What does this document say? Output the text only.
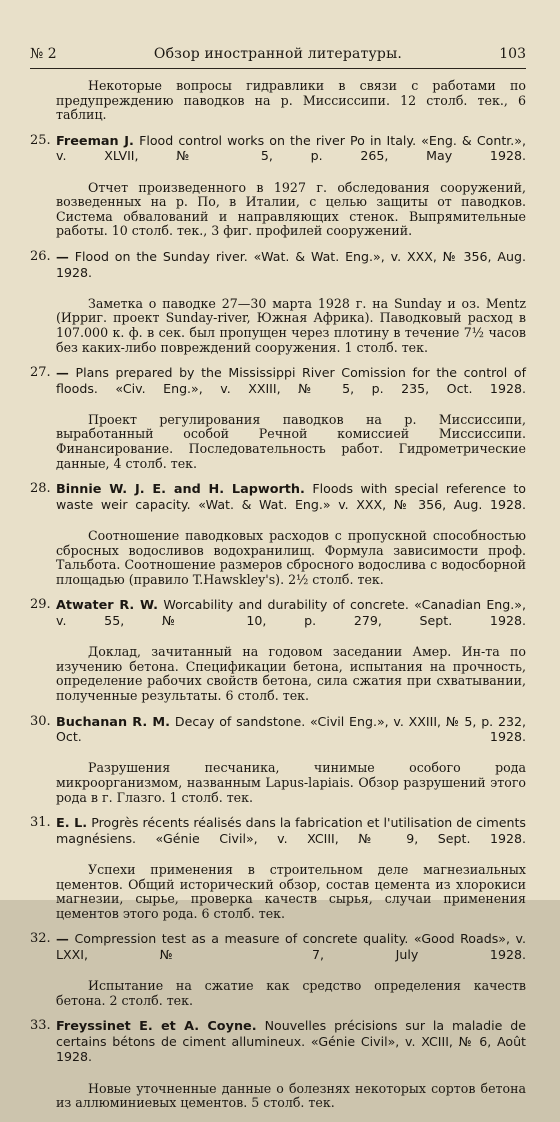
№ 2	Обзор иностранной литературы.	103
Некоторые вопросы гидравлики в связи с работами по предупреждению паводков на р. Миссиссипи. 12 столб. тек., 6 таблиц.
25. Freeman J. Flood control works on the river Po in Italy. «Eng. & Contr.», v. XLVII, № 5, p. 265, May 1928.
Отчет произведенного в 1927 г. обследования сооружений, возведенных на р. По, в Италии, с целью защиты от паводков. Система обвалований и направляющих стенок. Выпрямительные работы. 10 столб. тек., 3 фиг. профилей сооружений.
26. — Flood on the Sunday river. «Wat. & Wat. Eng.», v. XXX, № 356, Aug. 1928.
Заметка о паводке 27—30 марта 1928 г. на Sunday и оз. Mentz (Ирриг. проект Sunday-river, Южная Африка). Паводковый расход в 107.000 к. ф. в сек. был пропущен через плотину в течение 7½ часов без каких-либо повреждений сооружения. 1 столб. тек.
27. — Plans prepared by the Mississippi River Comission for the control of floods. «Civ. Eng.», v. XXIII, № 5, p. 235, Oct. 1928.
Проект регулирования паводков на р. Миссиссипи, выработанный особой Речной комиссией Миссиссипи. Финансирование. Последовательность работ. Гидрометрические данные, 4 столб. тек.
28. Binnie W. J. E. and H. Lapworth. Floods with special reference to waste weir capacity. «Wat. & Wat. Eng.» v. XXX, № 356, Aug. 1928.
Соотношение паводковых расходов с пропускной способностью сбросных водосливов водохранилищ. Формула зависимости проф. Тальбота. Соотношение размеров сбросного водослива с водосборной площадью (правило T.Hawskley's). 2½ столб. тек.
29. Atwater R. W. Worcability and durability of concrete. «Canadian Eng.», v. 55, № 10, p. 279, Sept. 1928.
Доклад, зачитанный на годовом заседании Амер. Ин-та по изучению бетона. Спецификации бетона, испытания на прочность, определение рабочих свойств бетона, сила сжатия при схватывании, полученные результаты. 6 столб. тек.
30. Buchanan R. M. Decay of sandstone. «Civil Eng.», v. XXIII, № 5, p. 232, Oct. 1928.
Разрушения песчаника, чинимые особого рода микроорганизмом, названным Lapus-lapiais. Обзор разрушений этого рода в г. Глазго. 1 столб. тек.
31. E. L. Progrès récents réalisés dans la fabrication et l'utilisation de ciments magnésiens. «Génie Civil», v. XCIII, № 9, Sept. 1928.
Успехи применения в строительном деле магнезиальных цементов. Общий исторический обзор, состав цемента из хлорокиси магнезии, сырье, проверка качеств сырья, случаи применения цементов этого рода. 6 столб. тек.
32. — Compression test as a measure of concrete quality. «Good Roads», v. LXXI, № 7, July 1928.
Испытание на сжатие как средство определения качеств бетона. 2 столб. тек.
33. Freyssinet E. et A. Coyne. Nouvelles précisions sur la maladie de certains bétons de ciment allumineux. «Génie Civil», v. XCIII, № 6, Août 1928.
Новые уточненные данные о болезнях некоторых сортов бетона из аллюминиевых цементов. 5 столб. тек.
